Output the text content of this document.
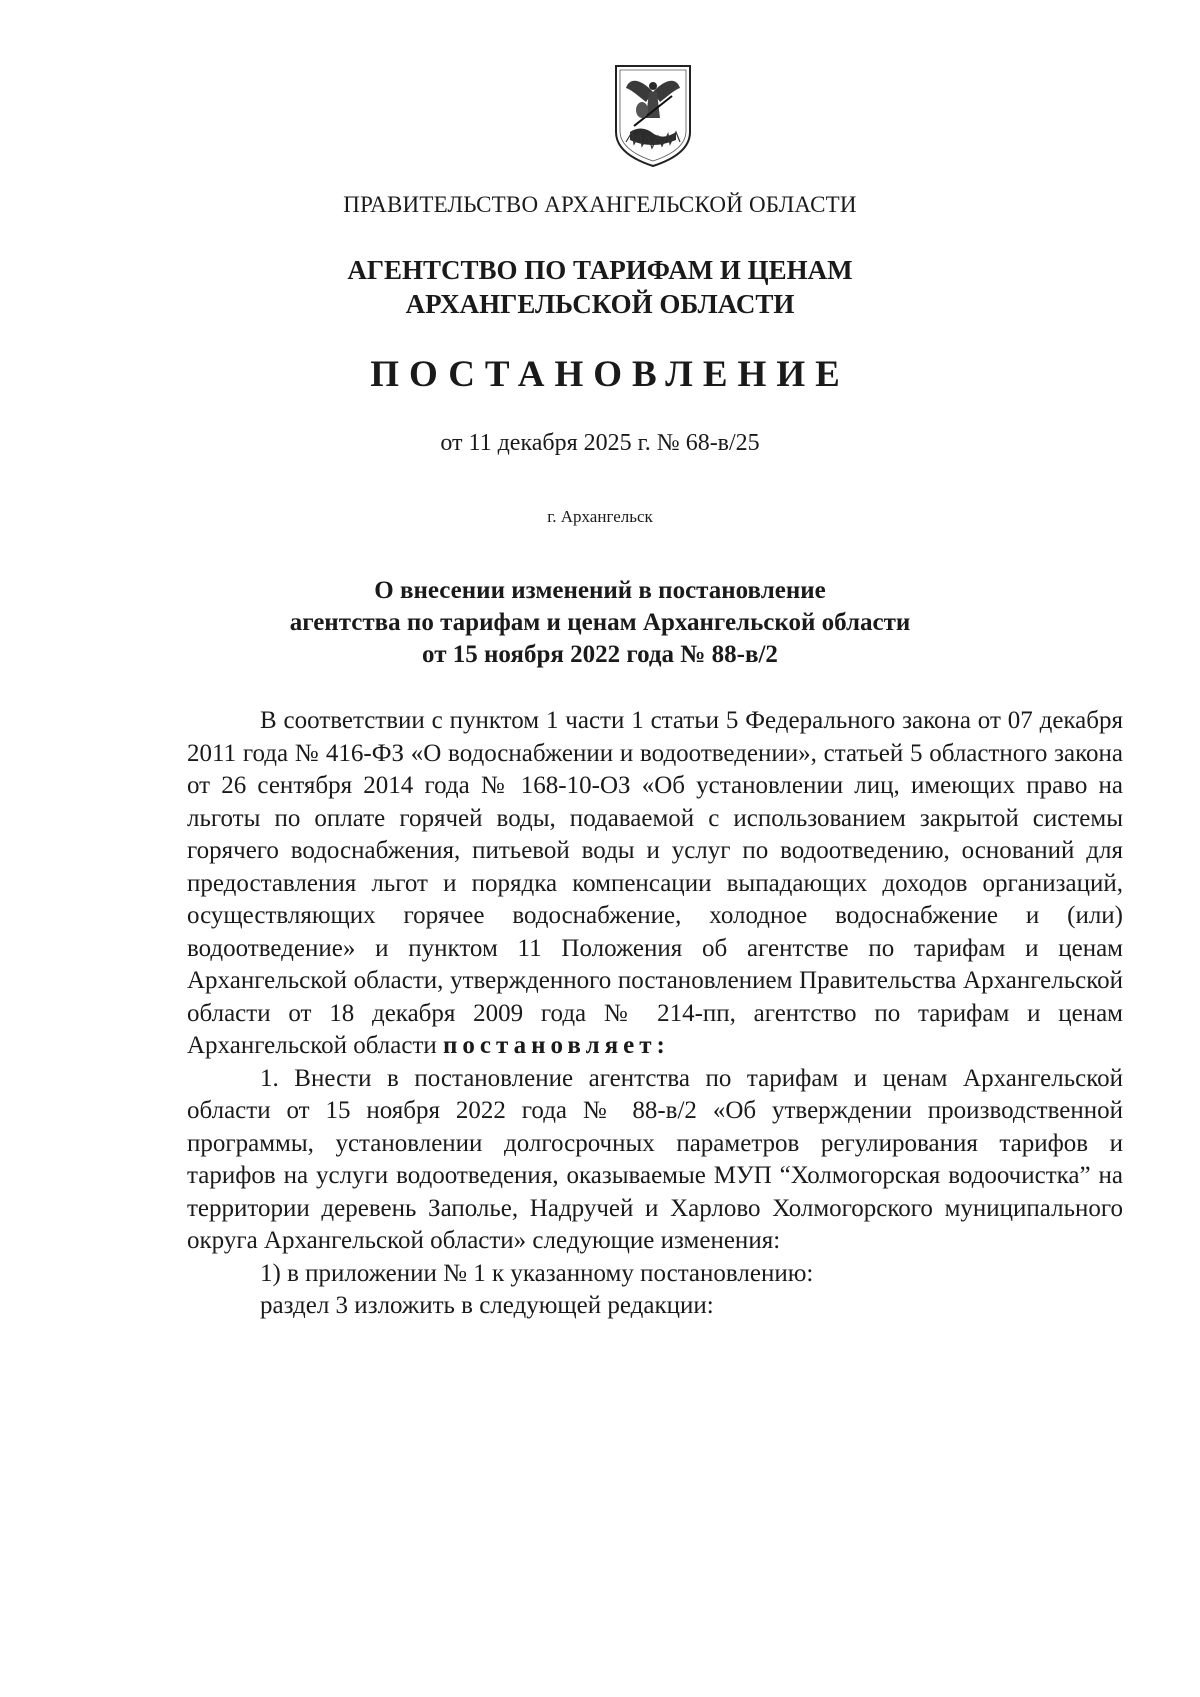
ПРАВИТЕЛЬСТВО АРХАНГЕЛЬСКОЙ ОБЛАСТИ
АГЕНТСТВО ПО ТАРИФАМ И ЦЕНАМ
АРХАНГЕЛЬСКОЙ ОБЛАСТИ
ПОСТАНОВЛЕНИЕ
от 11 декабря 2025 г. № 68-в/25
г. Архангельск
О внесении изменений в постановление
агентства по тарифам и ценам Архангельской области
от 15 ноября 2022 года № 88-в/2

В соответствии с пунктом 1 части 1 статьи 5 Федерального закона от 07 декабря 2011 года № 416-ФЗ «О водоснабжении и водоотведении», статьей 5 областного закона от 26 сентября 2014 года № 168-10-ОЗ «Об установлении лиц, имеющих право на льготы по оплате горячей воды, подаваемой с использованием закрытой системы горячего водоснабжения, питьевой воды и услуг по водоотведению, оснований для предоставления льгот и порядка компенсации выпадающих доходов организаций, осуществляющих горячее водоснабжение, холодное водоснабжение и (или) водоотведение» и пунктом 11 Положения об агентстве по тарифам и ценам Архангельской области, утвержденного постановлением Правительства Архангельской области от 18 декабря 2009 года № 214-пп, агентство по тарифам и ценам Архангельской области постановляет:

1. Внести в постановление агентства по тарифам и ценам Архангельской области от 15 ноября 2022 года № 88-в/2 «Об утверждении производственной программы, установлении долгосрочных параметров регулирования тарифов и тарифов на услуги водоотведения, оказываемые МУП “Холмогорская водоочистка” на территории деревень Заполье, Надручей и Харлово Холмогорского муниципального округа Архангельской области» следующие изменения:

1) в приложении № 1 к указанному постановлению:

раздел 3 изложить в следующей редакции:
